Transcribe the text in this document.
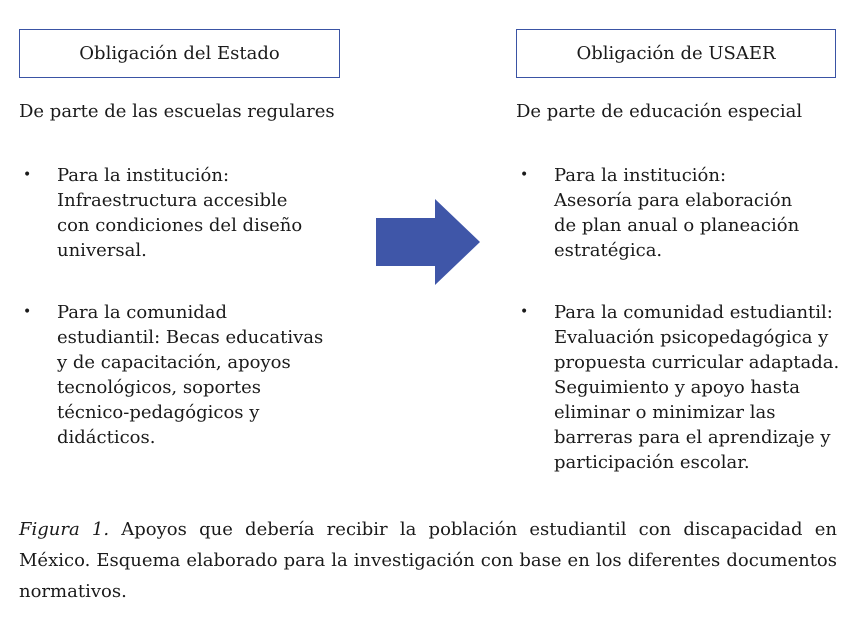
Obligación del Estado
De parte de las escuelas regulares
• Para la institución:
Infraestructura accesible
con condiciones del diseño
universal.
• Para la comunidad
estudiantil: Becas educativas
y de capacitación, apoyos
tecnológicos, soportes
técnico-pedagógicos y
didácticos.
Obligación de USAER
De parte de educación especial
• Para la institución:
Asesoría para elaboración
de plan anual o planeación
estratégica.
• Para la comunidad estudiantil:
Evaluación psicopedagógica y
propuesta curricular adaptada.
Seguimiento y apoyo hasta
eliminar o minimizar las
barreras para el aprendizaje y
participación escolar.
Figura 1. Apoyos que debería recibir la población estudiantil con discapacidad en México. Esquema elaborado para la investigación con base en los diferentes documentos normativos.
